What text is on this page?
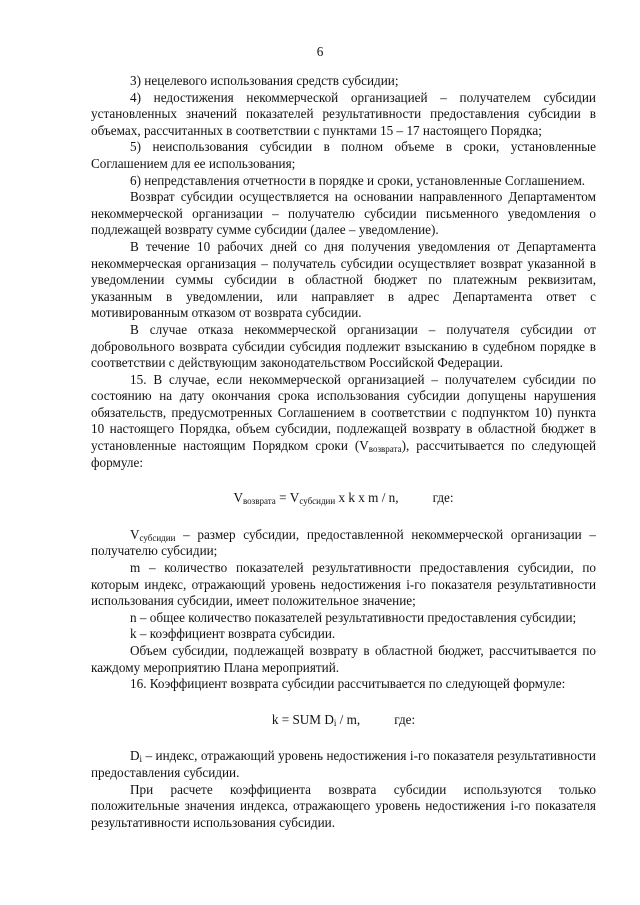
6

3) нецелевого использования средств субсидии;

4) недостижения некоммерческой организацией – получателем субсидии установленных значений показателей результативности предоставления субсидии в объемах, рассчитанных в соответствии с пунктами 15 – 17 настоящего Порядка;

5) неиспользования субсидии в полном объеме в сроки, установленные Соглашением для ее использования;

6) непредставления отчетности в порядке и сроки, установленные Соглашением.

Возврат субсидии осуществляется на основании направленного Департаментом некоммерческой организации – получателю субсидии письменного уведомления о подлежащей возврату сумме субсидии (далее – уведомление).

В течение 10 рабочих дней со дня получения уведомления от Департамента некоммерческая организация – получатель субсидии осуществляет возврат указанной в уведомлении суммы субсидии в областной бюджет по платежным реквизитам, указанным в уведомлении, или направляет в адрес Департамента ответ с мотивированным отказом от возврата субсидии.

В случае отказа некоммерческой организации – получателя субсидии от добровольного возврата субсидии субсидия подлежит взысканию в судебном порядке в соответствии с действующим законодательством Российской Федерации.

15. В случае, если некоммерческой организацией – получателем субсидии по состоянию на дату окончания срока использования субсидии допущены нарушения обязательств, предусмотренных Соглашением в соответствии с подпунктом 10) пункта 10 настоящего Порядка, объем субсидии, подлежащей возврату в областной бюджет в установленные настоящим Порядком сроки $(V_{возврата})$, рассчитывается по следующей формуле:

$V_{возврата} = V_{субсидии}$ x k x m / n,	где:

$V_{субсидии}$ – размер субсидии, предоставленной некоммерческой организации – получателю субсидии;

m – количество показателей результативности предоставления субсидии, по которым индекс, отражающий уровень недостижения i-го показателя результативности использования субсидии, имеет положительное значение;

n – общее количество показателей результативности предоставления субсидии;

k – коэффициент возврата субсидии.

Объем субсидии, подлежащей возврату в областной бюджет, рассчитывается по каждому мероприятию Плана мероприятий.

16. Коэффициент возврата субсидии рассчитывается по следующей формуле:

k = SUM $D_i$ / m,	где:

$D_i$ – индекс, отражающий уровень недостижения i-го показателя результативности предоставления субсидии.

При расчете коэффициента возврата субсидии используются только положительные значения индекса, отражающего уровень недостижения i-го показателя результативности использования субсидии.
